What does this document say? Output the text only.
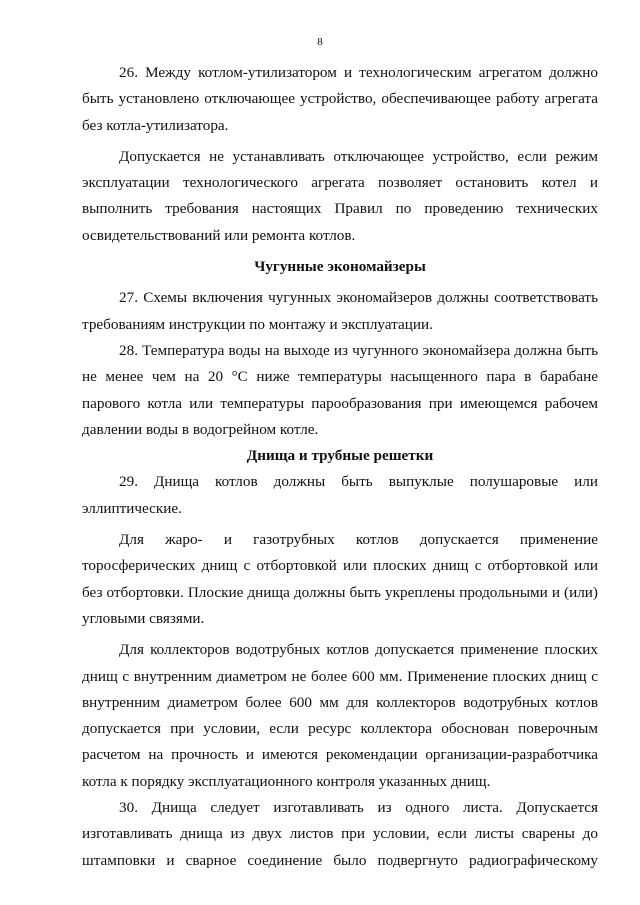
8

26. Между котлом-утилизатором и технологическим агрегатом должно быть установлено отключающее устройство, обеспечивающее работу агрегата без котла-утилизатора.

Допускается не устанавливать отключающее устройство, если режим эксплуатации технологического агрегата позволяет остановить котел и выполнить требования настоящих Правил по проведению технических освидетельствований или ремонта котлов.

Чугунные экономайзеры

27. Схемы включения чугунных экономайзеров должны соответствовать требованиям инструкции по монтажу и эксплуатации.

28. Температура воды на выходе из чугунного экономайзера должна быть не менее чем на 20 °С ниже температуры насыщенного пара в барабане парового котла или температуры парообразования при имеющемся рабочем давлении воды в водогрейном котле.

Днища и трубные решетки

29. Днища котлов должны быть выпуклые полушаровые или эллиптические.

Для жаро- и газотрубных котлов допускается применение торосферических днищ с отбортовкой или плоских днищ с отбортовкой или без отбортовки. Плоские днища должны быть укреплены продольными и (или) угловыми связями.

Для коллекторов водотрубных котлов допускается применение плоских днищ с внутренним диаметром не более 600 мм. Применение плоских днищ с внутренним диаметром более 600 мм для коллекторов водотрубных котлов допускается при условии, если ресурс коллектора обоснован поверочным расчетом на прочность и имеются рекомендации организации-разработчика котла к порядку эксплуатационного контроля указанных днищ.

30. Днища следует изготавливать из одного листа. Допускается изготавливать днища из двух листов при условии, если листы сварены до штамповки и сварное соединение было подвергнуто радиографическому
